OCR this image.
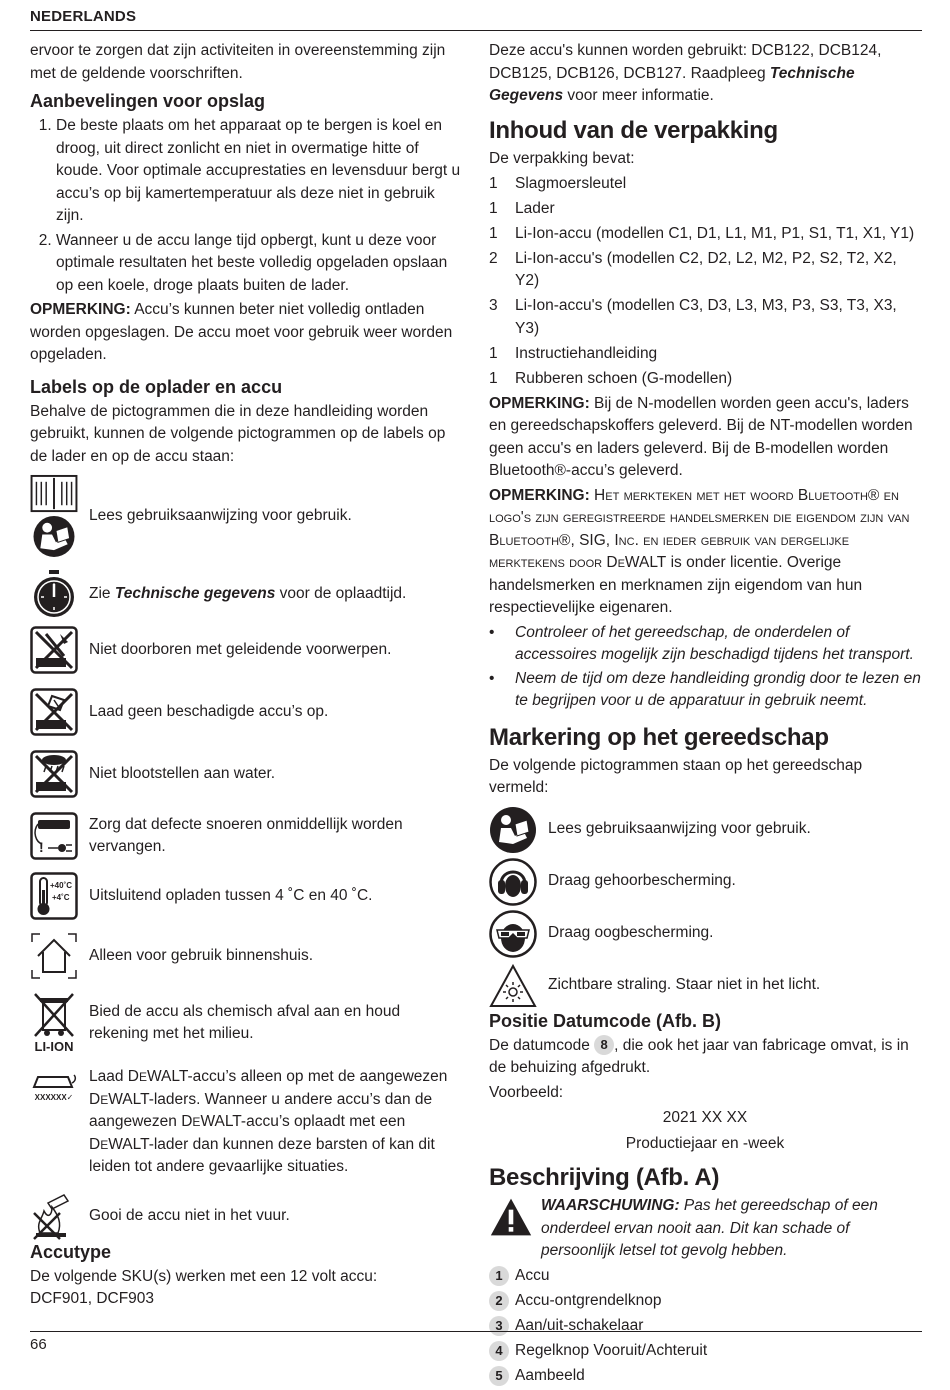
NEDERLANDS

ervoor te zorgen dat zijn activiteiten in overeenstemming zijn met de geldende voorschriften.

Aanbevelingen voor opslag
1. De beste plaats om het apparaat op te bergen is koel en droog, uit direct zonlicht en niet in overmatige hitte of koude. Voor optimale accuprestaties en levensduur bergt u accu’s op bij kamertemperatuur als deze niet in gebruik zijn.
2. Wanneer u de accu lange tijd opbergt, kunt u deze voor optimale resultaten het beste volledig opgeladen opslaan op een koele, droge plaats buiten de lader.

OPMERKING: Accu’s kunnen beter niet volledig ontladen worden opgeslagen. De accu moet voor gebruik weer worden opgeladen.

Labels op de oplader en accu

Behalve de pictogrammen die in deze handleiding worden gebruikt, kunnen de volgende pictogrammen op de labels op de lader en op de accu staan:

Lees gebruiksaanwijzing voor gebruik.
Zie Technische gegevens voor de oplaadtijd.
Niet doorboren met geleidende voorwerpen.
Laad geen beschadigde accu’s op.
Niet blootstellen aan water.
!
Zorg dat defecte snoeren onmiddellijk worden vervangen.
+40˚C
+4˚C Uitsluitend opladen tussen 4 ˚C en 40 ˚C.
Alleen voor gebruik binnenshuis.
LI-ION
Bied de accu als chemisch afval aan en houd rekening met het milieu.
XXXXXX✓
Laad DEWALT-accu’s alleen op met de aangewezen DEWALT-laders. Wanneer u andere accu’s dan de aangewezen DEWALT-accu’s oplaadt met een DEWALT-lader dan kunnen deze barsten of kan dit leiden tot andere gevaarlijke situaties.
Gooi de accu niet in het vuur.
Accutype

De volgende SKU(s) werken met een 12 volt accu:

DCF901, DCF903

Deze accu's kunnen worden gebruikt: DCB122, DCB124, DCB125, DCB126, DCB127. Raadpleeg Technische Gegevens voor meer informatie.

Inhoud van de verpakking

De verpakking bevat:

1	Slagmoersleutel
1	Lader
1	Li-Ion-accu (modellen C1, D1, L1, M1, P1, S1, T1, X1, Y1)
2	Li-Ion-accu's (modellen C2, D2, L2, M2, P2, S2, T2, X2, Y2)
3	Li-Ion-accu's (modellen C3, D3, L3, M3, P3, S3, T3, X3, Y3)
1	Instructiehandleiding
1	Rubberen schoen (G-modellen)

OPMERKING: Bij de N-modellen worden geen accu's, laders en gereedschapskoffers geleverd. Bij de NT-modellen worden geen accu's en laders geleverd. Bij de B-modellen worden Bluetooth®-accu’s geleverd.

OPMERKING: Het merkteken met het woord Bluetooth® en logo's zijn geregistreerde handelsmerken die eigendom zijn van Bluetooth®, SIG, Inc. en ieder gebruik van dergelijke merktekens door DeWALT is onder licentie. Overige handelsmerken en merknamen zijn eigendom van hun respectievelijke eigenaren.

•	Controleer of het gereedschap, de onderdelen of accessoires mogelijk zijn beschadigd tijdens het transport.
•	Neem de tijd om deze handleiding grondig door te lezen en te begrijpen voor u de apparatuur in gebruik neemt.
Markering op het gereedschap

De volgende pictogrammen staan op het gereedschap vermeld:

Lees gebruiksaanwijzing voor gebruik.
Draag gehoorbescherming.
Draag oogbescherming.
Zichtbare straling. Staar niet in het licht.
Positie Datumcode (Afb. B)

De datumcode 8 , die ook het jaar van fabricage omvat, is in de behuizing afgedrukt.

Voorbeeld:

2021 XX XX

Productiejaar en -week

Beschrijving (Afb. A)
WAARSCHUWING: Pas het gereedschap of een onderdeel ervan nooit aan. Dit kan schade of persoonlijk letsel tot gevolg hebben.
1 Accu
2 Accu-ontgrendelknop
3 Aan/uit-schakelaar
4 Regelknop Vooruit/Achteruit
5 Aambeeld
66
